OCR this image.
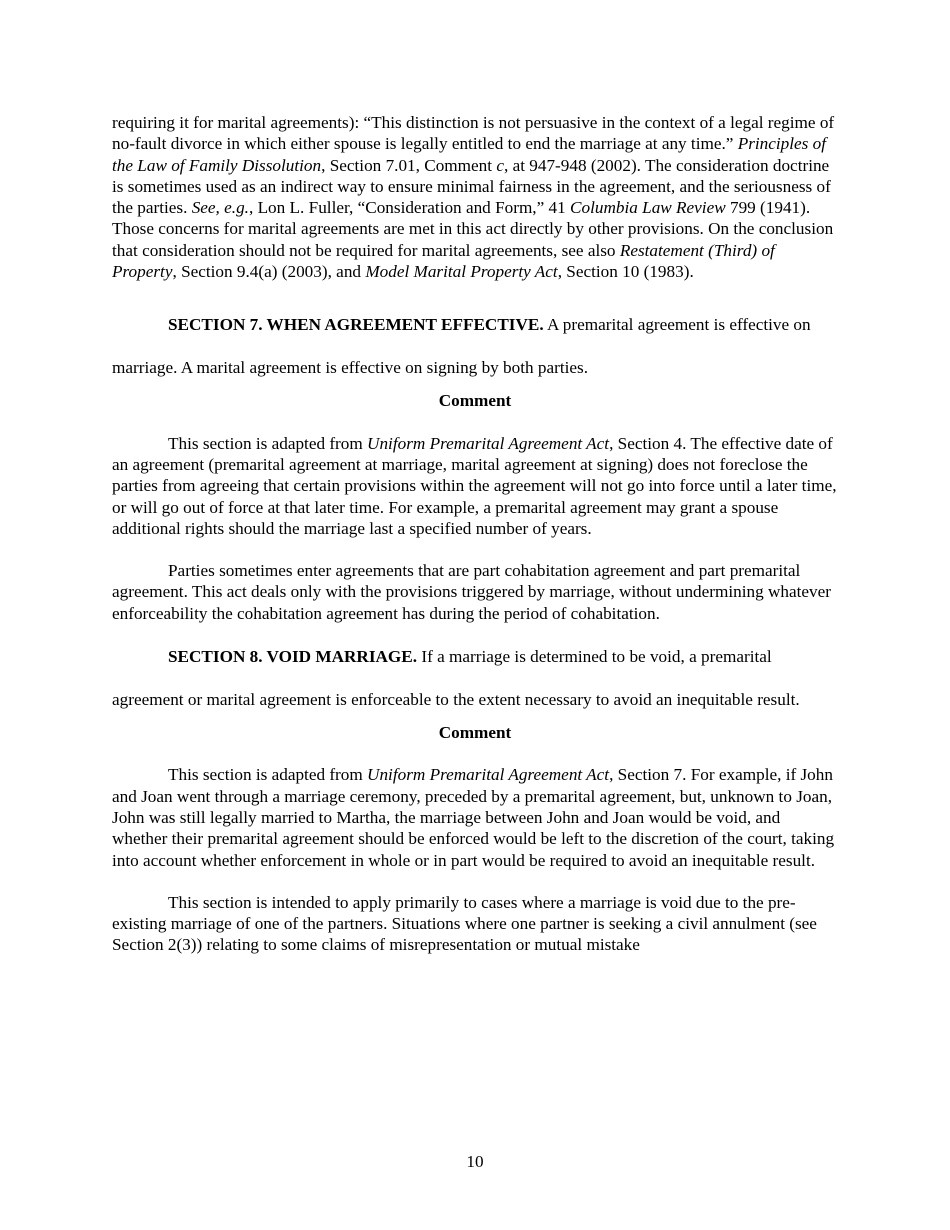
requiring it for marital agreements): “This distinction is not persuasive in the context of a legal regime of no-fault divorce in which either spouse is legally entitled to end the marriage at any time.” Principles of the Law of Family Dissolution, Section 7.01, Comment c, at 947-948 (2002). The consideration doctrine is sometimes used as an indirect way to ensure minimal fairness in the agreement, and the seriousness of the parties. See, e.g., Lon L. Fuller, “Consideration and Form,” 41 Columbia Law Review 799 (1941). Those concerns for marital agreements are met in this act directly by other provisions. On the conclusion that consideration should not be required for marital agreements, see also Restatement (Third) of Property, Section 9.4(a) (2003), and Model Marital Property Act, Section 10 (1983).

SECTION 7. WHEN AGREEMENT EFFECTIVE. A premarital agreement is effective on marriage. A marital agreement is effective on signing by both parties.

Comment

This section is adapted from Uniform Premarital Agreement Act, Section 4. The effective date of an agreement (premarital agreement at marriage, marital agreement at signing) does not foreclose the parties from agreeing that certain provisions within the agreement will not go into force until a later time, or will go out of force at that later time. For example, a premarital agreement may grant a spouse additional rights should the marriage last a specified number of years.

Parties sometimes enter agreements that are part cohabitation agreement and part premarital agreement. This act deals only with the provisions triggered by marriage, without undermining whatever enforceability the cohabitation agreement has during the period of cohabitation.

SECTION 8. VOID MARRIAGE. If a marriage is determined to be void, a premarital agreement or marital agreement is enforceable to the extent necessary to avoid an inequitable result.

Comment

This section is adapted from Uniform Premarital Agreement Act, Section 7. For example, if John and Joan went through a marriage ceremony, preceded by a premarital agreement, but, unknown to Joan, John was still legally married to Martha, the marriage between John and Joan would be void, and whether their premarital agreement should be enforced would be left to the discretion of the court, taking into account whether enforcement in whole or in part would be required to avoid an inequitable result.

This section is intended to apply primarily to cases where a marriage is void due to the pre-existing marriage of one of the partners. Situations where one partner is seeking a civil annulment (see Section 2(3)) relating to some claims of misrepresentation or mutual mistake

10
